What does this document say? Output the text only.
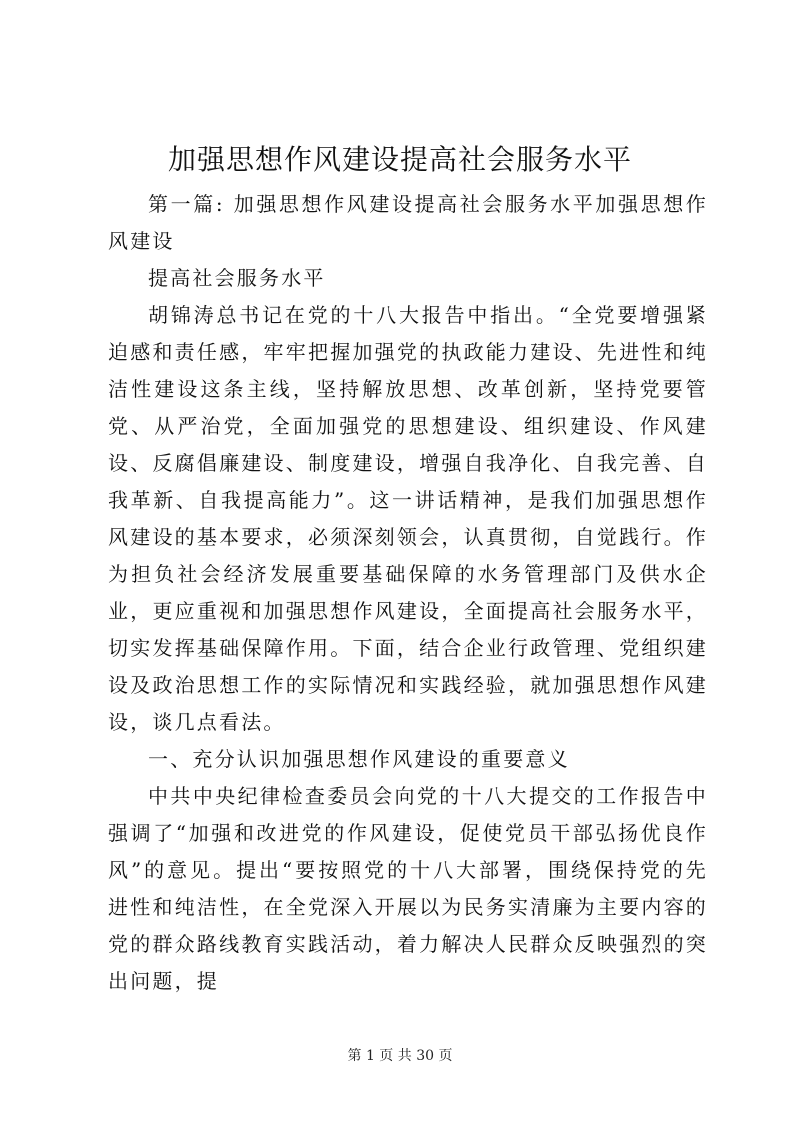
加强思想作风建设提高社会服务水平

第一篇: 加强思想作风建设提高社会服务水平加强思想作风建设

提高社会服务水平

胡锦涛总书记在党的十八大报告中指出。“全党要增强紧迫感和责任感，牢牢把握加强党的执政能力建设、先进性和纯洁性建设这条主线，坚持解放思想、改革创新，坚持党要管党、从严治党，全面加强党的思想建设、组织建设、作风建设、反腐倡廉建设、制度建设，增强自我净化、自我完善、自我革新、自我提高能力”。这一讲话精神，是我们加强思想作风建设的基本要求，必须深刻领会，认真贯彻，自觉践行。作为担负社会经济发展重要基础保障的水务管理部门及供水企业，更应重视和加强思想作风建设，全面提高社会服务水平，切实发挥基础保障作用。下面，结合企业行政管理、党组织建设及政治思想工作的实际情况和实践经验，就加强思想作风建设，谈几点看法。

一、充分认识加强思想作风建设的重要意义

中共中央纪律检查委员会向党的十八大提交的工作报告中强调了“加强和改进党的作风建设，促使党员干部弘扬优良作风”的意见。提出“要按照党的十八大部署，围绕保持党的先进性和纯洁性，在全党深入开展以为民务实清廉为主要内容的党的群众路线教育实践活动，着力解决人民群众反映强烈的突出问题，提

第 1 页 共 30 页
